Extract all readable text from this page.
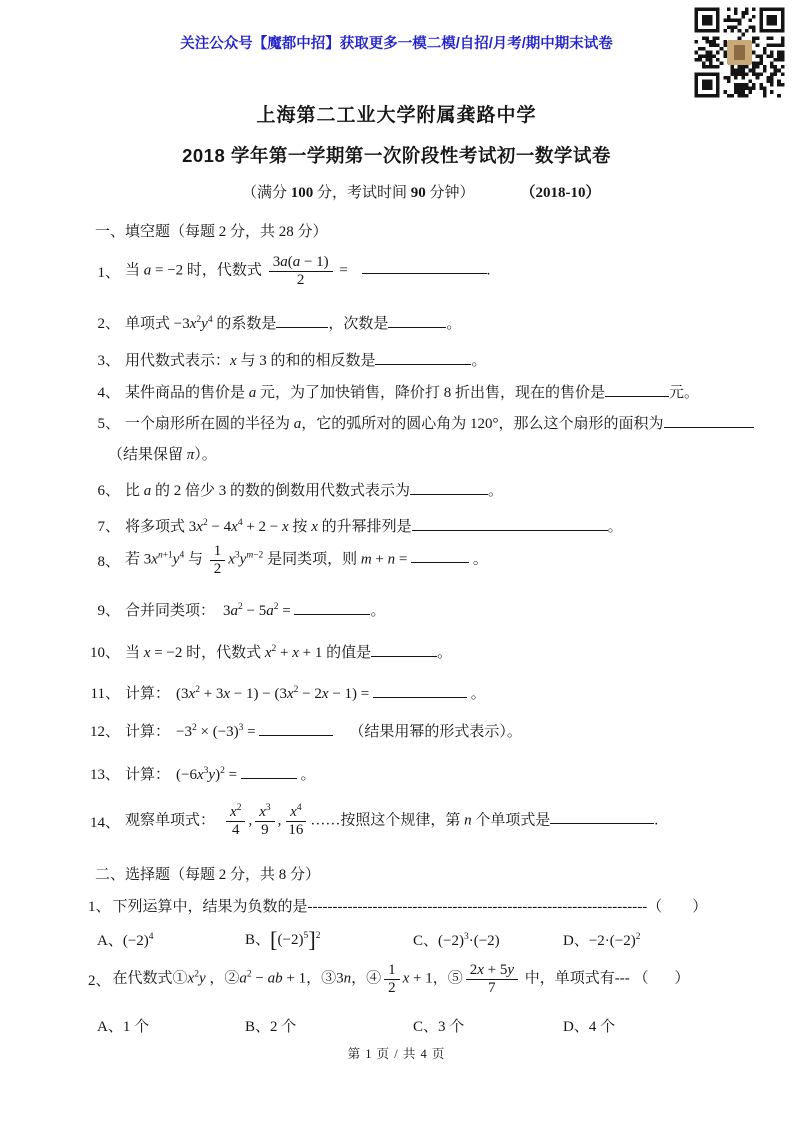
关注公众号【魔都中招】获取更多一模二模/自招/月考/期中期末试卷
上海第二工业大学附属龚路中学
2018 学年第一学期第一次阶段性考试初一数学试卷
（满分 100 分，考试时间 90 分钟）	（2018-10）
一、填空题（每题 2 分，共 28 分）
1、 当 a = −2 时，代数式 $\frac{3a(a - 1)}{2}$ =	.
2、 单项式 $-3x^2y^4$ 的系数是	，次数是	。
3、 用代数式表示：x 与 3 的和的相反数是	。
4、 某件商品的售价是 a 元，为了加快销售，降价打 8 折出售，现在的售价是	元。
5、 一个扇形所在圆的半径为 a，它的弧所对的圆心角为 120°，那么这个扇形的面积为
（结果保留 π）。
6、 比 a 的 2 倍少 3 的数的倒数用代数式表示为	。
7、 将多项式 $3x^2 - 4x^4 + 2 - x$ 按 x 的升幂排列是	。
8、 若 $3x^{n+1}y^4$ 与 $\frac{1}{2} x^3y^{m-2}$ 是同类项，则 m + n =	。
9、 合并同类项： $3a^2 - 5a^2$ =	。
10、 当 x = −2 时，代数式 $x^2 + x + 1$ 的值是	。
11、 计算： $(3x^2 + 3x - 1) - (3x^2 - 2x - 1)$ =	。
12、 计算： $-3^2 \times (-3)^3$ =	（结果用幂的形式表示）。
13、 计算： $(-6x^3y)^2$ =	。
14、 观察单项式： $\frac{x^2}{4}$ , $\frac{x^3}{9}$ , $\frac{x^4}{16}$ ……按照这个规律，第 n 个单项式是	.
二、选择题（每题 2 分，共 8 分）
1、 下列运算中，结果为负数的是--------------------------------------------------------------------（ ）
A、$(-2)^4$	B、$[(-2)^5]^2$	C、$(-2)^3\cdot(-2)$	D、$-2\cdot(-2)^2$
2、 在代数式$①x^2y$ ，$②a^2$ − ab + 1，③3n，④ $\frac{1}{2}$ x + 1，⑤ $\frac{2x + 5y}{7}$ 中，单项式有--- （ ）
A、1 个	B、2 个	C、3 个	D、4 个
第 1 页 / 共 4 页
